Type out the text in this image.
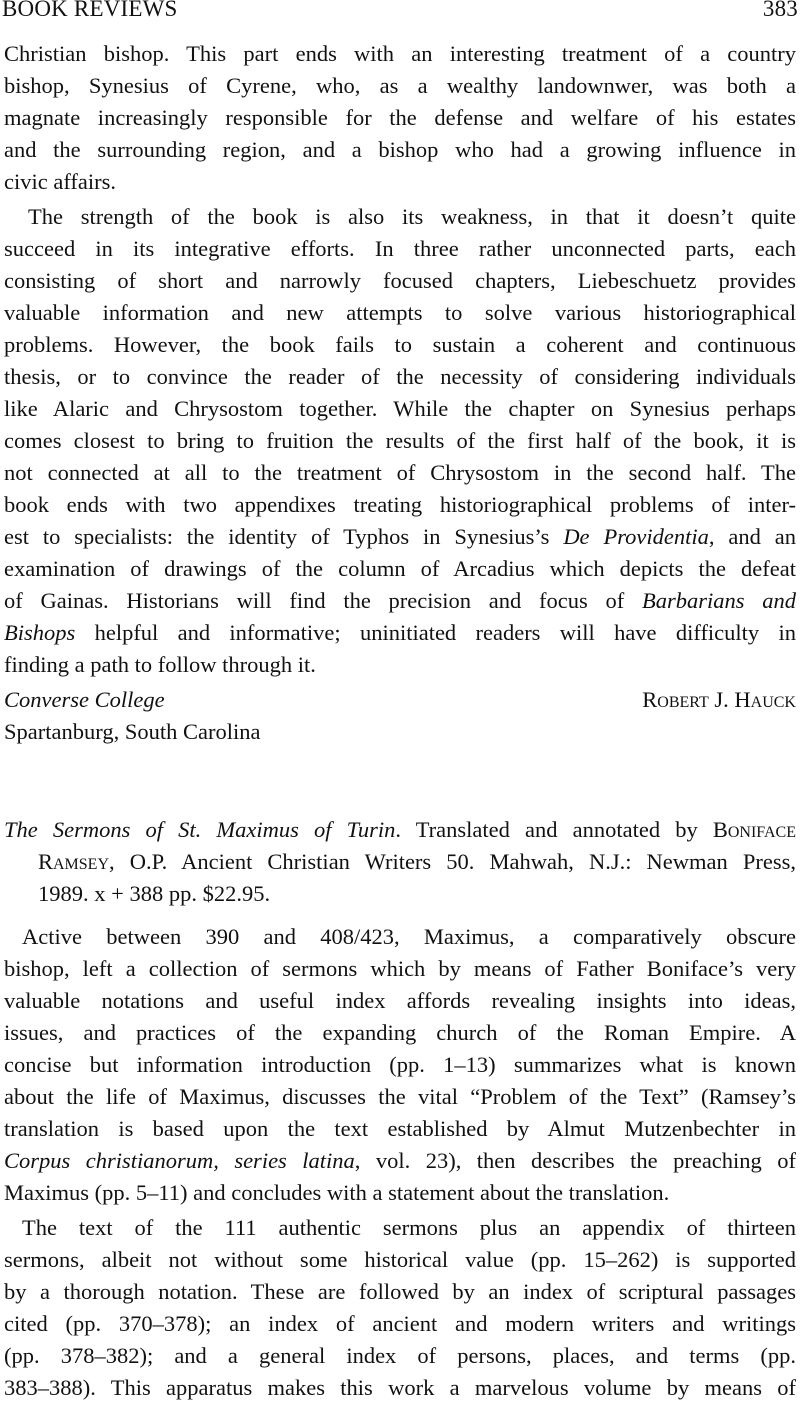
BOOK REVIEWS	383
Christian bishop. This part ends with an interesting treatment of a country
bishop, Synesius of Cyrene, who, as a wealthy landownwer, was both a
magnate increasingly responsible for the defense and welfare of his estates
and the surrounding region, and a bishop who had a growing influence in
civic affairs.
The strength of the book is also its weakness, in that it doesn’t quite
succeed in its integrative efforts. In three rather unconnected parts, each
consisting of short and narrowly focused chapters, Liebeschuetz provides
valuable information and new attempts to solve various historiographical
problems. However, the book fails to sustain a coherent and continuous
thesis, or to convince the reader of the necessity of considering individuals
like Alaric and Chrysostom together. While the chapter on Synesius perhaps
comes closest to bring to fruition the results of the first half of the book, it is
not connected at all to the treatment of Chrysostom in the second half. The
book ends with two appendixes treating historiographical problems of inter-
est to specialists: the identity of Typhos in Synesius’s De Providentia, and an
examination of drawings of the column of Arcadius which depicts the defeat
of Gainas. Historians will find the precision and focus of Barbarians and
Bishops helpful and informative; uninitiated readers will have difficulty in
finding a path to follow through it.
Converse College	Robert J. Hauck
Spartanburg, South Carolina
The Sermons of St. Maximus of Turin. Translated and annotated by Boniface
Ramsey, O.P. Ancient Christian Writers 50. Mahwah, N.J.: Newman Press,
1989. x + 388 pp. $22.95.
Active between 390 and 408/423, Maximus, a comparatively obscure
bishop, left a collection of sermons which by means of Father Boniface’s very
valuable notations and useful index affords revealing insights into ideas,
issues, and practices of the expanding church of the Roman Empire. A
concise but information introduction (pp. 1–13) summarizes what is known
about the life of Maximus, discusses the vital “Problem of the Text” (Ramsey’s
translation is based upon the text established by Almut Mutzenbechter in
Corpus christianorum, series latina, vol. 23), then describes the preaching of
Maximus (pp. 5–11) and concludes with a statement about the translation.
The text of the 111 authentic sermons plus an appendix of thirteen
sermons, albeit not without some historical value (pp. 15–262) is supported
by a thorough notation. These are followed by an index of scriptural passages
cited (pp. 370–378); an index of ancient and modern writers and writings
(pp. 378–382); and a general index of persons, places, and terms (pp.
383–388). This apparatus makes this work a marvelous volume by means of
